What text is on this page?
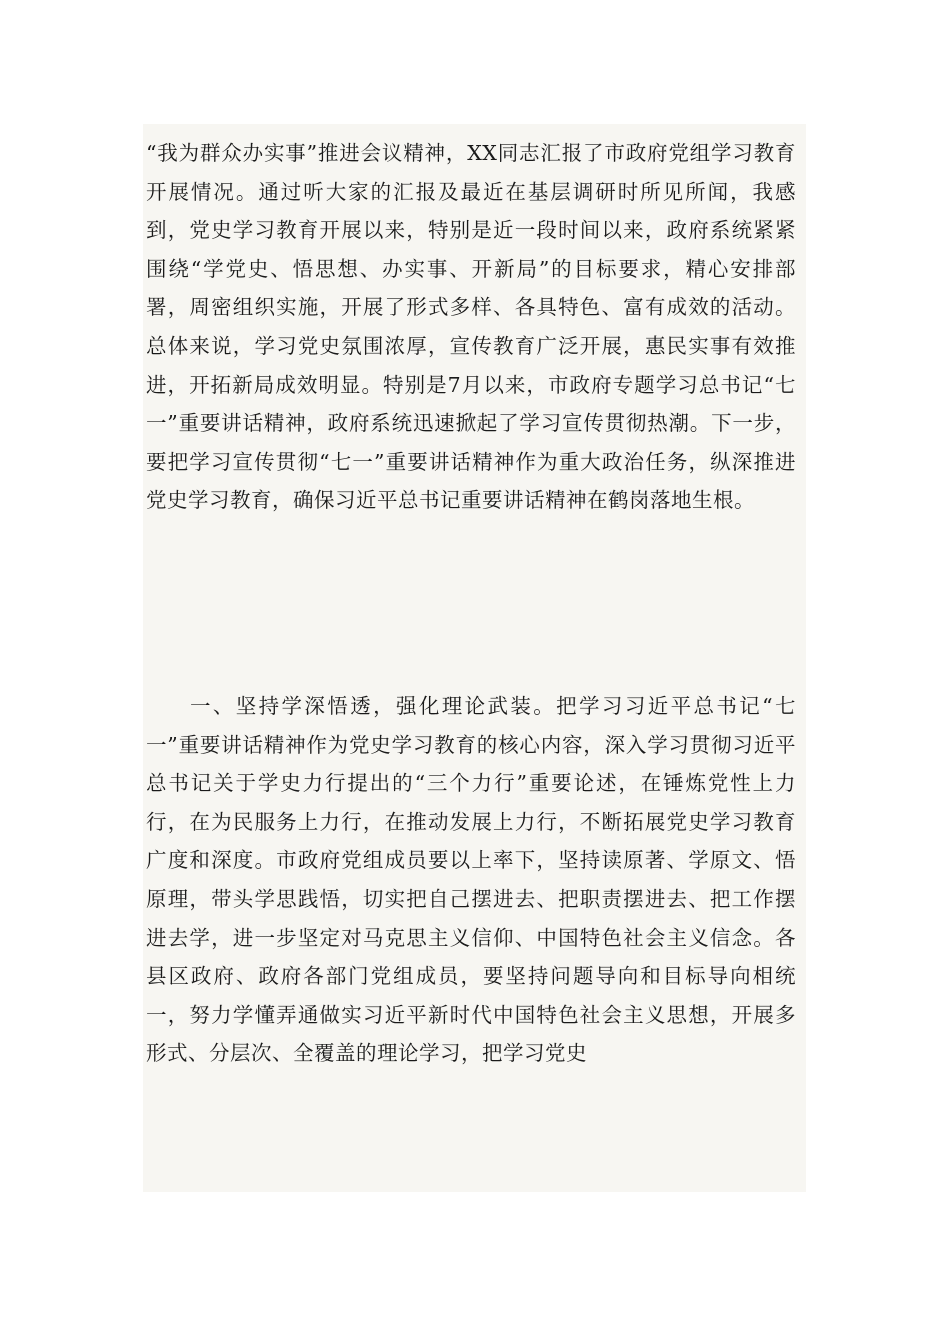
“我为群众办实事”推进会议精神，XX同志汇报了市政府党组学习教育开展情况。通过听大家的汇报及最近在基层调研时所见所闻，我感到，党史学习教育开展以来，特别是近一段时间以来，政府系统紧紧围绕“学党史、悟思想、办实事、开新局”的目标要求，精心安排部署，周密组织实施，开展了形式多样、各具特色、富有成效的活动。总体来说，学习党史氛围浓厚，宣传教育广泛开展，惠民实事有效推进，开拓新局成效明显。特别是7月以来，市政府专题学习总书记“七一”重要讲话精神，政府系统迅速掀起了学习宣传贯彻热潮。下一步，要把学习宣传贯彻“七一”重要讲话精神作为重大政治任务，纵深推进党史学习教育，确保习近平总书记重要讲话精神在鹤岗落地生根。

一、坚持学深悟透，强化理论武装。把学习习近平总书记“七一”重要讲话精神作为党史学习教育的核心内容，深入学习贯彻习近平总书记关于学史力行提出的“三个力行”重要论述，在锤炼党性上力行，在为民服务上力行，在推动发展上力行，不断拓展党史学习教育广度和深度。市政府党组成员要以上率下，坚持读原著、学原文、悟原理，带头学思践悟，切实把自己摆进去、把职责摆进去、把工作摆进去学，进一步坚定对马克思主义信仰、中国特色社会主义信念。各县区政府、政府各部门党组成员，要坚持问题导向和目标导向相统一，努力学懂弄通做实习近平新时代中国特色社会主义思想，开展多形式、分层次、全覆盖的理论学习，把学习党史
